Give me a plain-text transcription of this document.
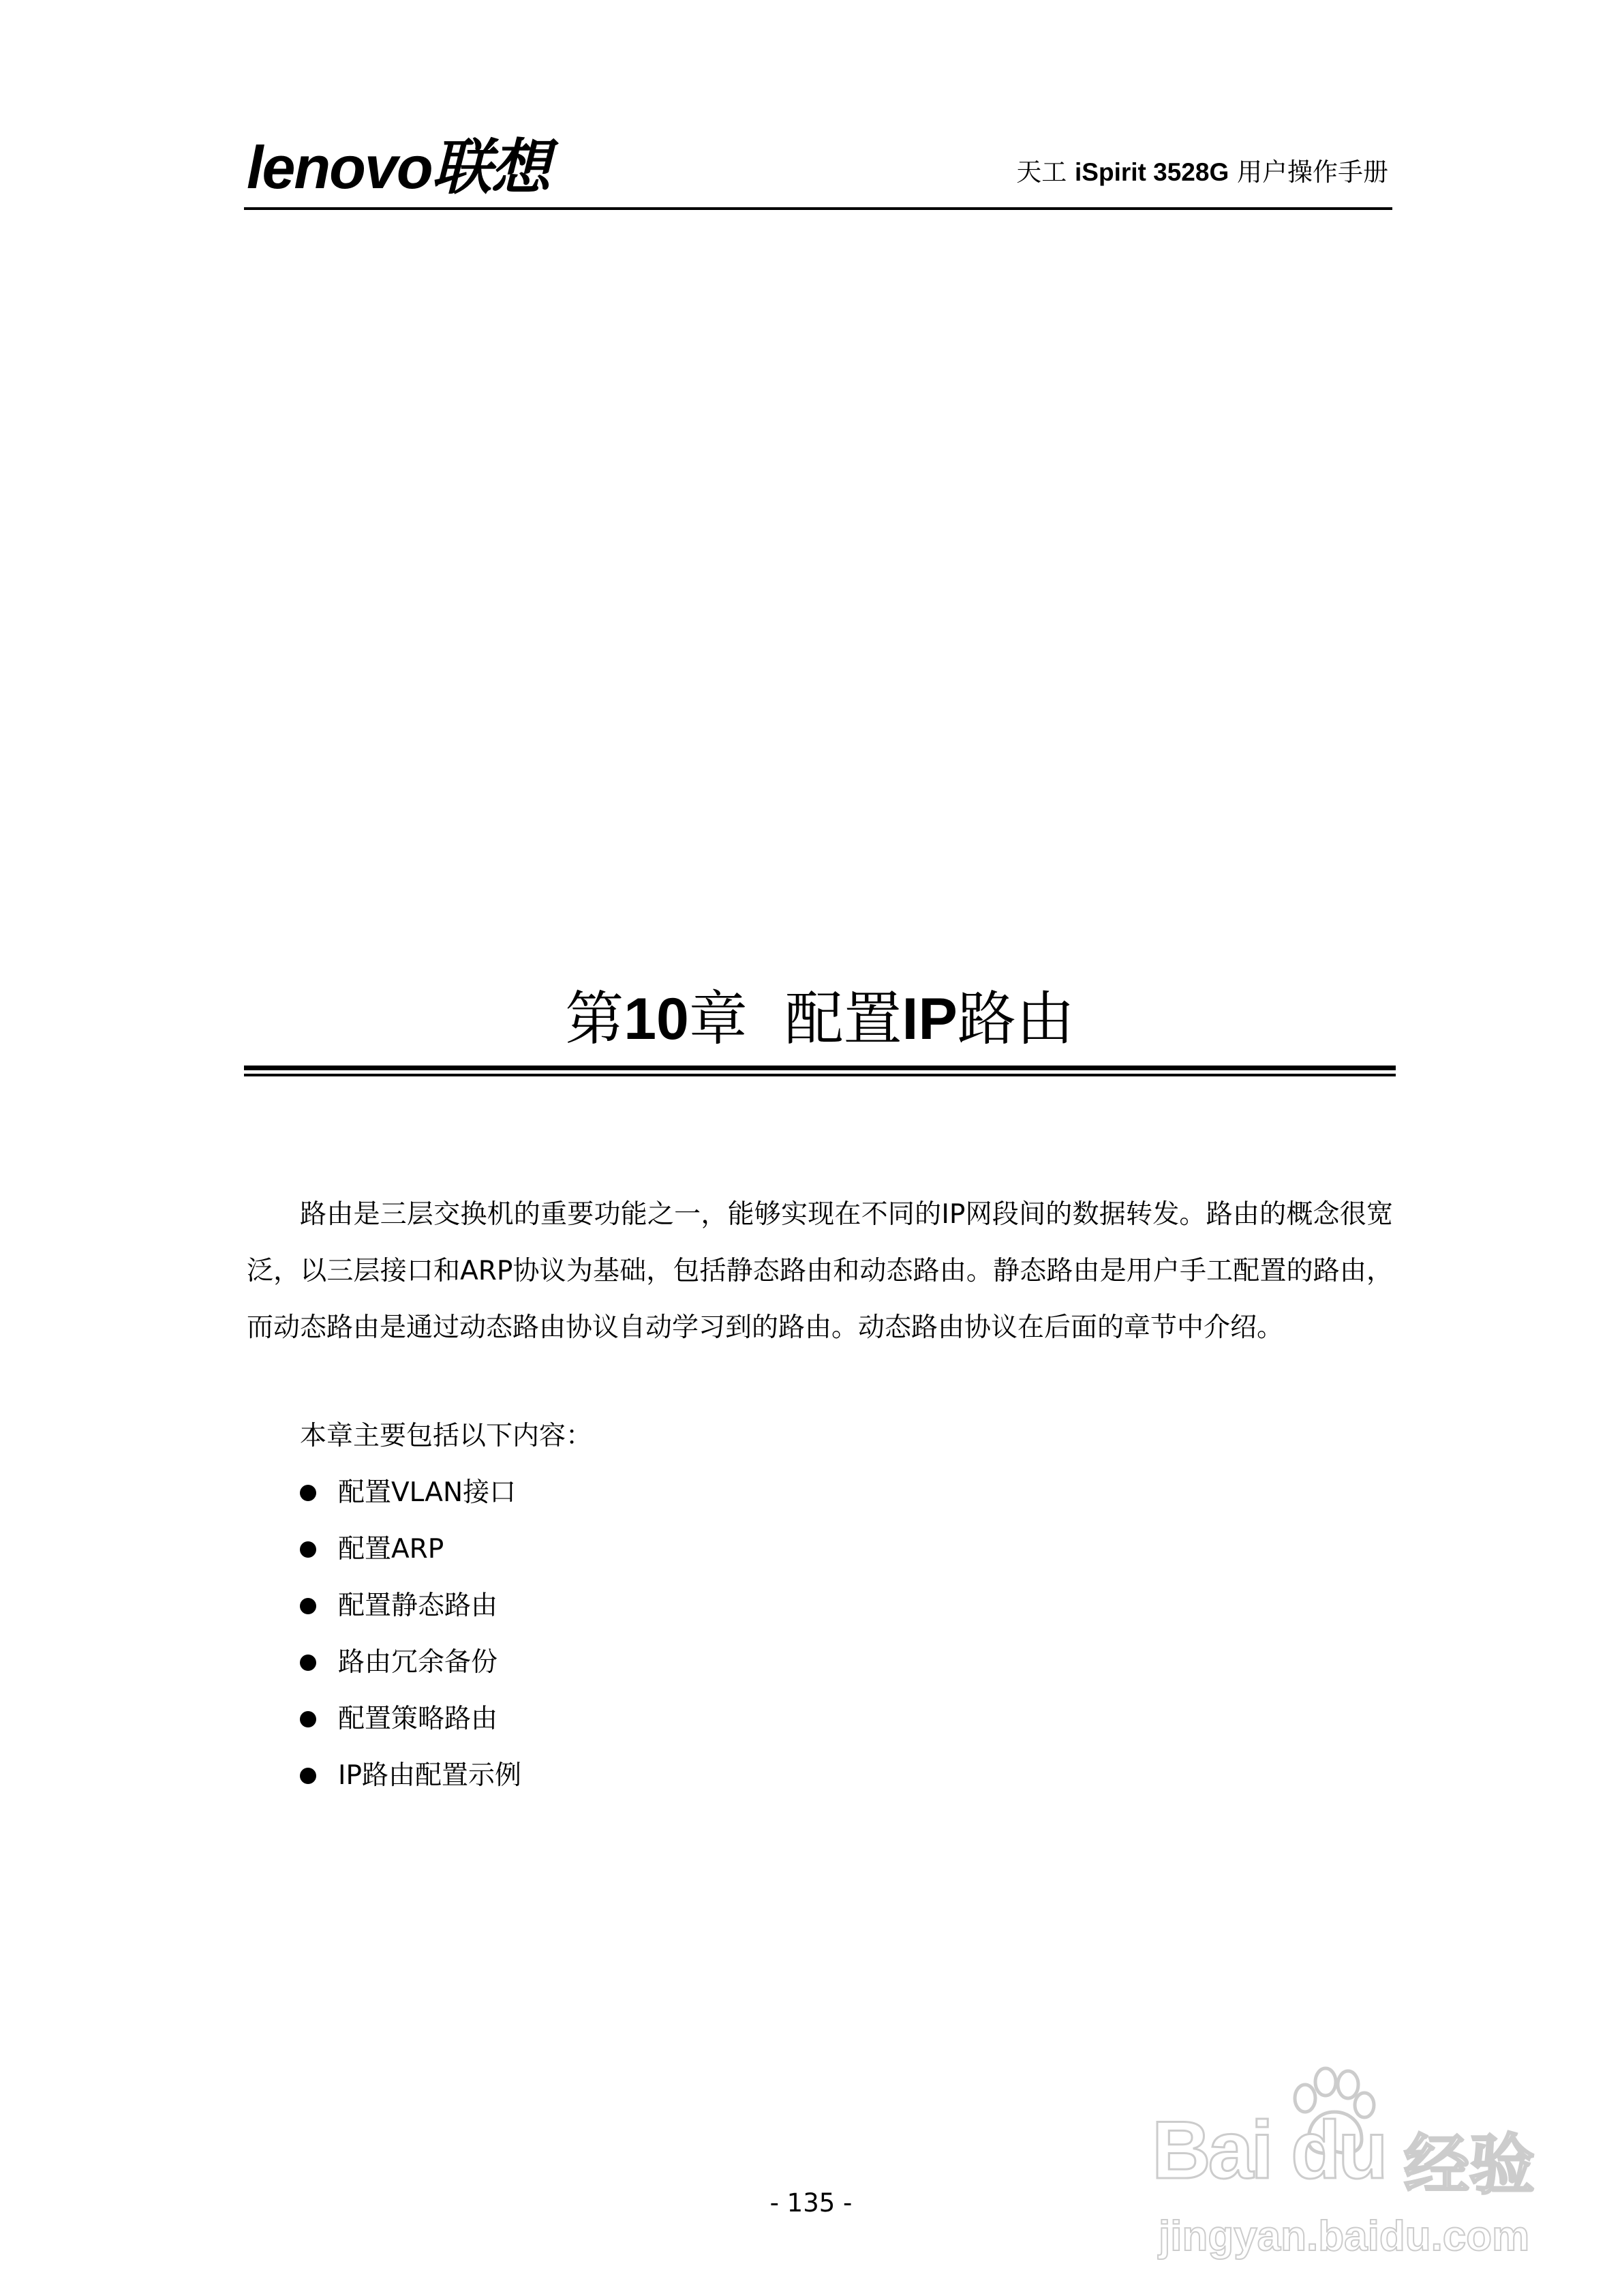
lenovo联想	天工 iSpirit 3528G 用户操作手册
第10章 配置IP路由

路由是三层交换机的重要功能之一，能够实现在不同的IP网段间的数据转发。路由的概念很宽泛，以三层接口和ARP协议为基础，包括静态路由和动态路由。静态路由是用户手工配置的路由，而动态路由是通过动态路由协议自动学习到的路由。动态路由协议在后面的章节中介绍。

本章主要包括以下内容：

配置VLAN接口
配置ARP
配置静态路由
路由冗余备份
配置策略路由
IP路由配置示例
- 135 -
Bai du 经验
jingyan.baidu.com
